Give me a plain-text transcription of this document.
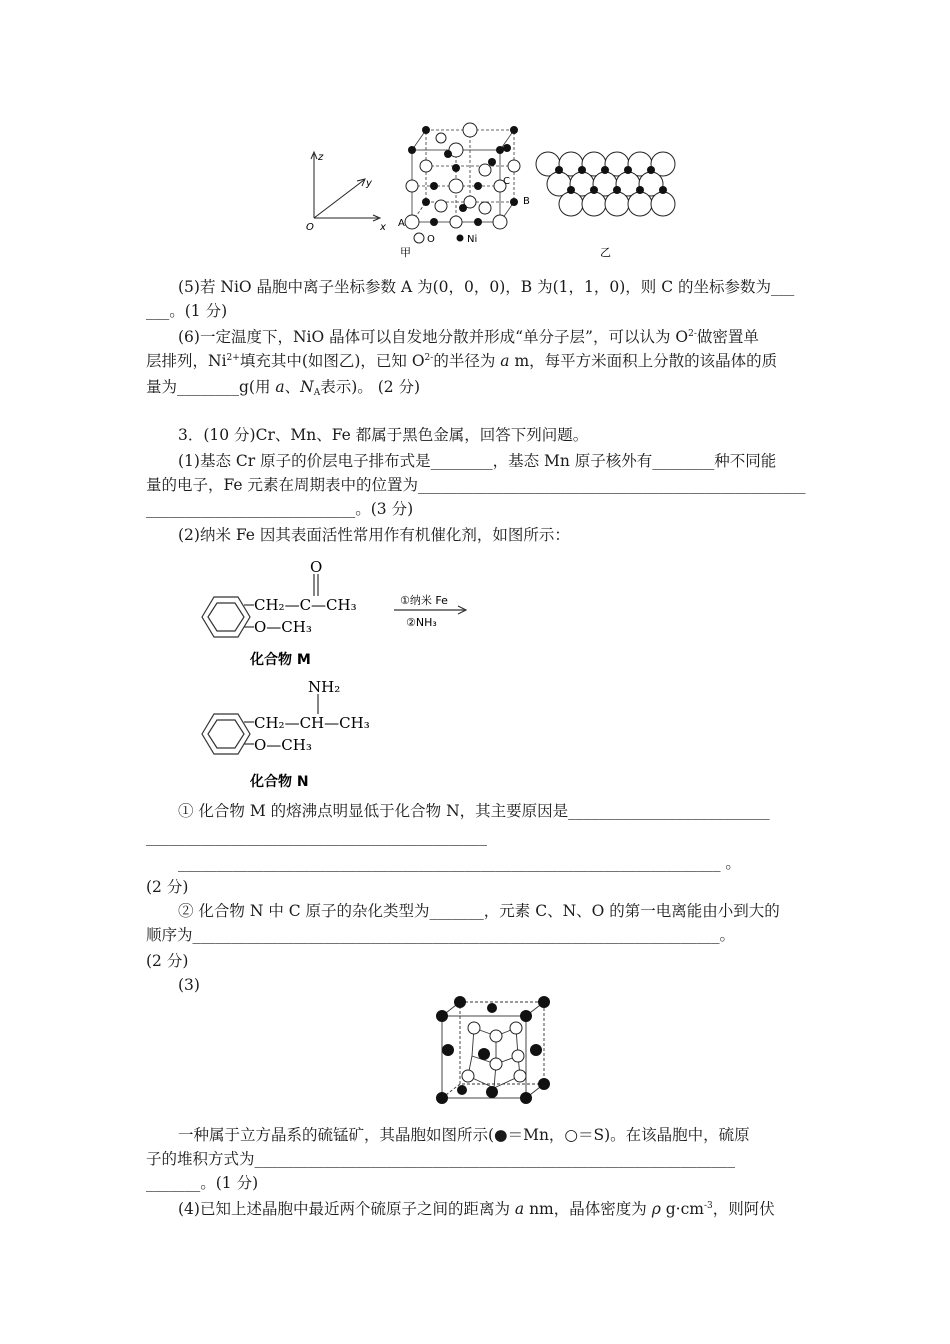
z
y
x
O	A
B
C
甲
O	Ni
乙
(5)若 NiO 晶胞中离子坐标参数 A 为(0，0，0)，B 为(1，1，0)，则 C 的坐标参数为___
___。(1 分)
(6)一定温度下，NiO 晶体可以自发地分散并形成“单分子层”，可以认为 $O^{2-}$做密置单
层排列，$Ni^{2+}$填充其中(如图乙)，已知 $O^{2-}$的半径为 a m，每平方米面积上分散的该晶体的质
量为________g(用 a、$N_A$表示)。 (2 分)
3．(10 分)Cr、Mn、Fe 都属于黑色金属，回答下列问题。
(1)基态 Cr 原子的价层电子排布式是________，基态 Mn 原子核外有________种不同能
量的电子，Fe 元素在周期表中的位置为__________________________________________________
___________________________。(3 分)
(2)纳米 Fe 因其表面活性常用作有机催化剂，如图所示：
O
CH₂—C—CH₃
O—CH₃
①纳米 Fe
②NH₃
化合物 M
NH₂
CH₂—CH—CH₃
O—CH₃
化合物 N
① 化合物 M 的熔沸点明显低于化合物 N，其主要原因是__________________________
____________________________________________
______________________________________________________________________ 。
(2 分)
② 化合物 N 中 C 原子的杂化类型为_______，元素 C、N、O 的第一电离能由小到大的
顺序为____________________________________________________________________。
(2 分)
(3)
一种属于立方晶系的硫锰矿，其晶胞如图所示(●＝Mn，○＝S)。在该晶胞中，硫原
子的堆积方式为______________________________________________________________
_______。(1 分)
(4)已知上述晶胞中最近两个硫原子之间的距离为 a nm，晶体密度为 ρ $g\cdot cm^{-3}$，则阿伏
